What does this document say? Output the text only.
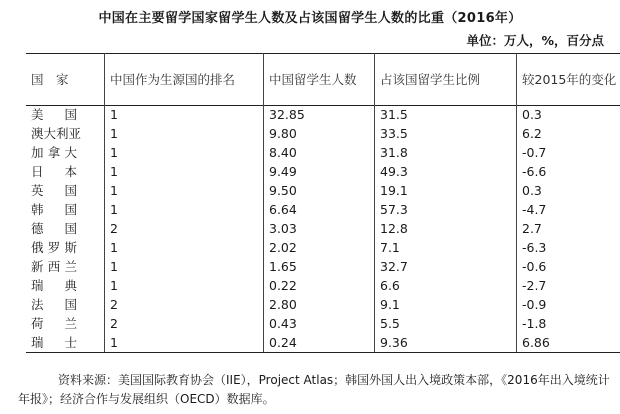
中国在主要留学国家留学生人数及占该国留学生人数的比重（2016年）
单位：万人，%，百分点
国　家	中国作为生源国的排名	中国留学生人数	占该国留学生比例	较2015年的变化

美 国	1	32.85	31.5	0.3

澳 大 利 亚	1	9.80	33.5	6.2

加 拿 大	1	8.40	31.8	-0.7

日 本	1	9.49	49.3	-6.6

英 国	1	9.50	19.1	0.3

韩 国	1	6.64	57.3	-4.7

德 国	2	3.03	12.8	2.7

俄 罗 斯	1	2.02	7.1	-6.3

新 西 兰	1	1.65	32.7	-0.6

瑞 典	1	0.22	6.6	-2.7

法 国	2	2.80	9.1	-0.9

荷 兰	2	0.43	5.5	-1.8

瑞 士	1	0.24	9.36	6.86
资料来源：美国国际教育协会（IIE），Project Atlas；韩国外国人出入境政策本部，《2016年出入境统计年报》；经济合作与发展组织（OECD）数据库。
